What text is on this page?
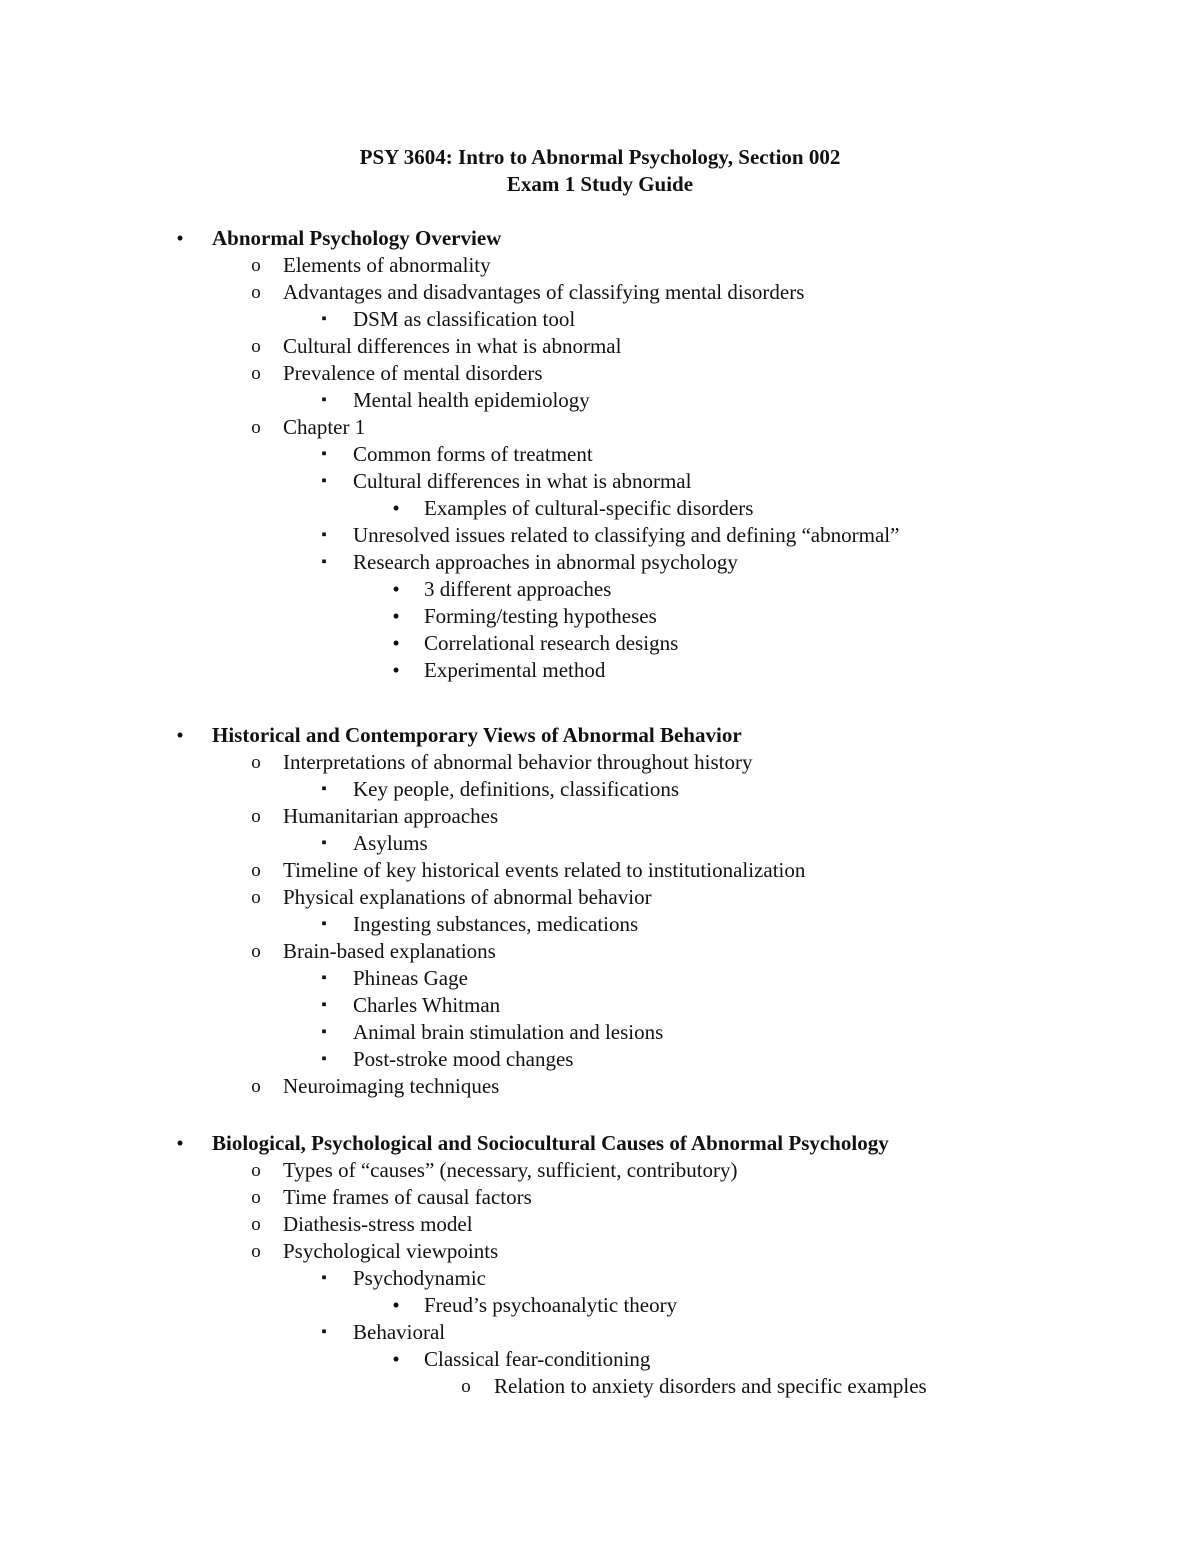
PSY 3604: Intro to Abnormal Psychology, Section 002
Exam 1 Study Guide
•	Abnormal Psychology Overview
o Elements of abnormality
o Advantages and disadvantages of classifying mental disorders
▪	DSM as classification tool
o Cultural differences in what is abnormal
o Prevalence of mental disorders
▪	Mental health epidemiology
o Chapter 1
▪	Common forms of treatment
▪	Cultural differences in what is abnormal
•	Examples of cultural-specific disorders
▪	Unresolved issues related to classifying and defining “abnormal”
▪	Research approaches in abnormal psychology
•	3 different approaches
•	Forming/testing hypotheses
•	Correlational research designs
•	Experimental method
•	Historical and Contemporary Views of Abnormal Behavior
o Interpretations of abnormal behavior throughout history
▪	Key people, definitions, classifications
o Humanitarian approaches
▪	Asylums
o Timeline of key historical events related to institutionalization
o Physical explanations of abnormal behavior
▪	Ingesting substances, medications
o Brain-based explanations
▪	Phineas Gage
▪	Charles Whitman
▪	Animal brain stimulation and lesions
▪	Post-stroke mood changes
o Neuroimaging techniques
•	Biological, Psychological and Sociocultural Causes of Abnormal Psychology
o Types of “causes” (necessary, sufficient, contributory)
o Time frames of causal factors
o Diathesis-stress model
o Psychological viewpoints
▪	Psychodynamic
•	Freud’s psychoanalytic theory
▪	Behavioral
•	Classical fear-conditioning
o Relation to anxiety disorders and specific examples
